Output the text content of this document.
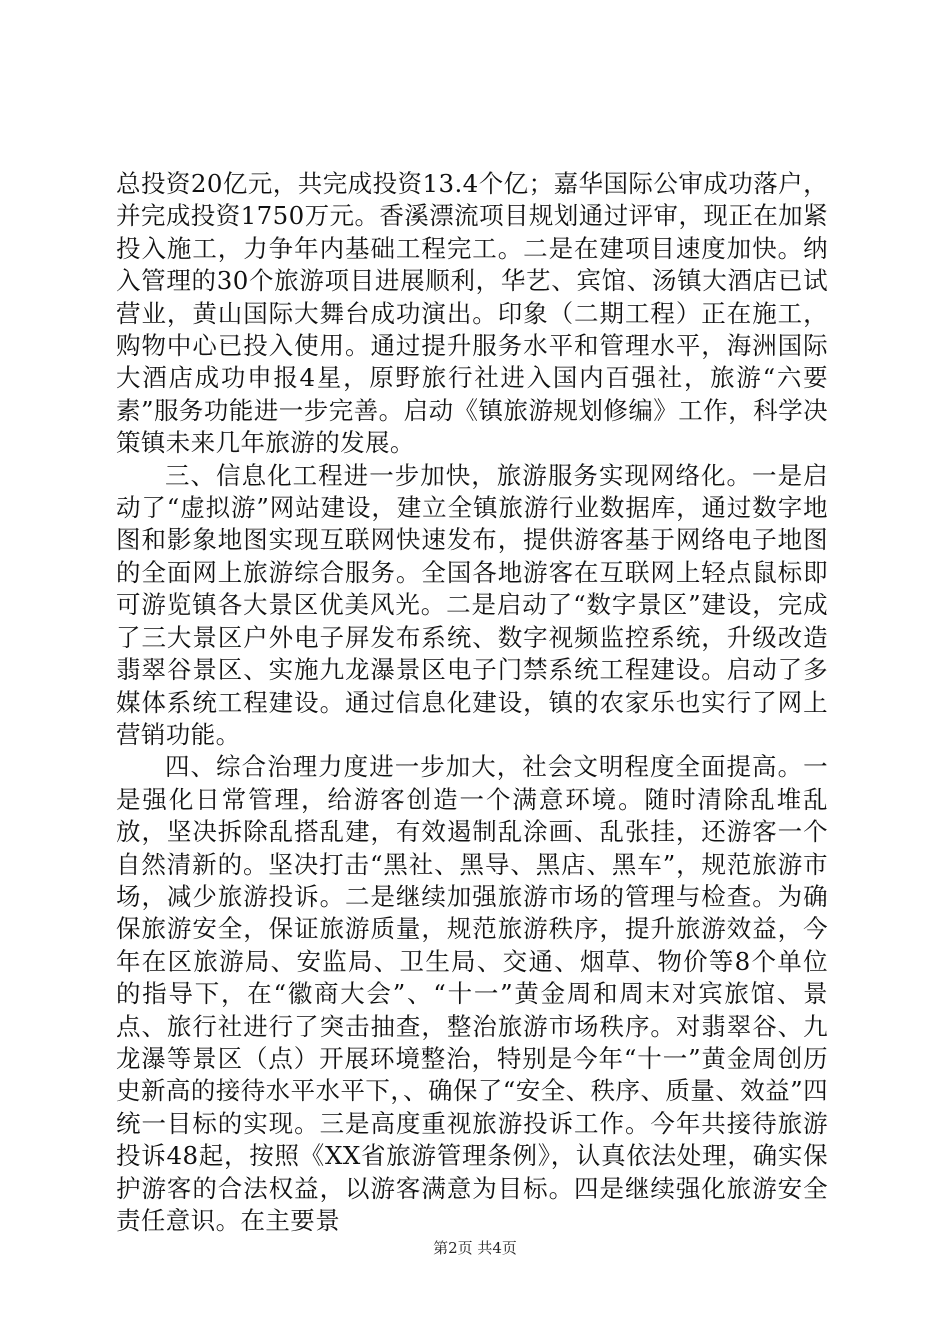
总投资20亿元，共完成投资13.4个亿；嘉华国际公审成功落户，并完成投资1750万元。香溪漂流项目规划通过评审，现正在加紧投入施工，力争年内基础工程完工。二是在建项目速度加快。纳入管理的30个旅游项目进展顺利，华艺、宾馆、汤镇大酒店已试营业，黄山国际大舞台成功演出。印象（二期工程）正在施工，购物中心已投入使用。通过提升服务水平和管理水平，海洲国际大酒店成功申报4星，原野旅行社进入国内百强社，旅游“六要素”服务功能进一步完善。启动《镇旅游规划修编》工作，科学决策镇未来几年旅游的发展。

三、信息化工程进一步加快，旅游服务实现网络化。一是启动了“虚拟游”网站建设，建立全镇旅游行业数据库，通过数字地图和影象地图实现互联网快速发布，提供游客基于网络电子地图的全面网上旅游综合服务。全国各地游客在互联网上轻点鼠标即可游览镇各大景区优美风光。二是启动了“数字景区”建设，完成了三大景区户外电子屏发布系统、数字视频监控系统，升级改造翡翠谷景区、实施九龙瀑景区电子门禁系统工程建设。启动了多媒体系统工程建设。通过信息化建设，镇的农家乐也实行了网上营销功能。

四、综合治理力度进一步加大，社会文明程度全面提高。一是强化日常管理，给游客创造一个满意环境。随时清除乱堆乱放，坚决拆除乱搭乱建，有效遏制乱涂画、乱张挂，还游客一个自然清新的。坚决打击“黑社、黑导、黑店、黑车”，规范旅游市场，减少旅游投诉。二是继续加强旅游市场的管理与检查。为确保旅游安全，保证旅游质量，规范旅游秩序，提升旅游效益，今年在区旅游局、安监局、卫生局、交通、烟草、物价等8个单位的指导下，在“徽商大会”、“十一”黄金周和周末对宾旅馆、景点、旅行社进行了突击抽查，整治旅游市场秩序。对翡翠谷、九龙瀑等景区（点）开展环境整治，特别是今年“十一”黄金周创历史新高的接待水平水平下，、确保了“安全、秩序、质量、效益”四统一目标的实现。三是高度重视旅游投诉工作。今年共接待旅游投诉48起，按照《XX省旅游管理条例》，认真依法处理，确实保护游客的合法权益，以游客满意为目标。四是继续强化旅游安全责任意识。在主要景

第2页 共4页
